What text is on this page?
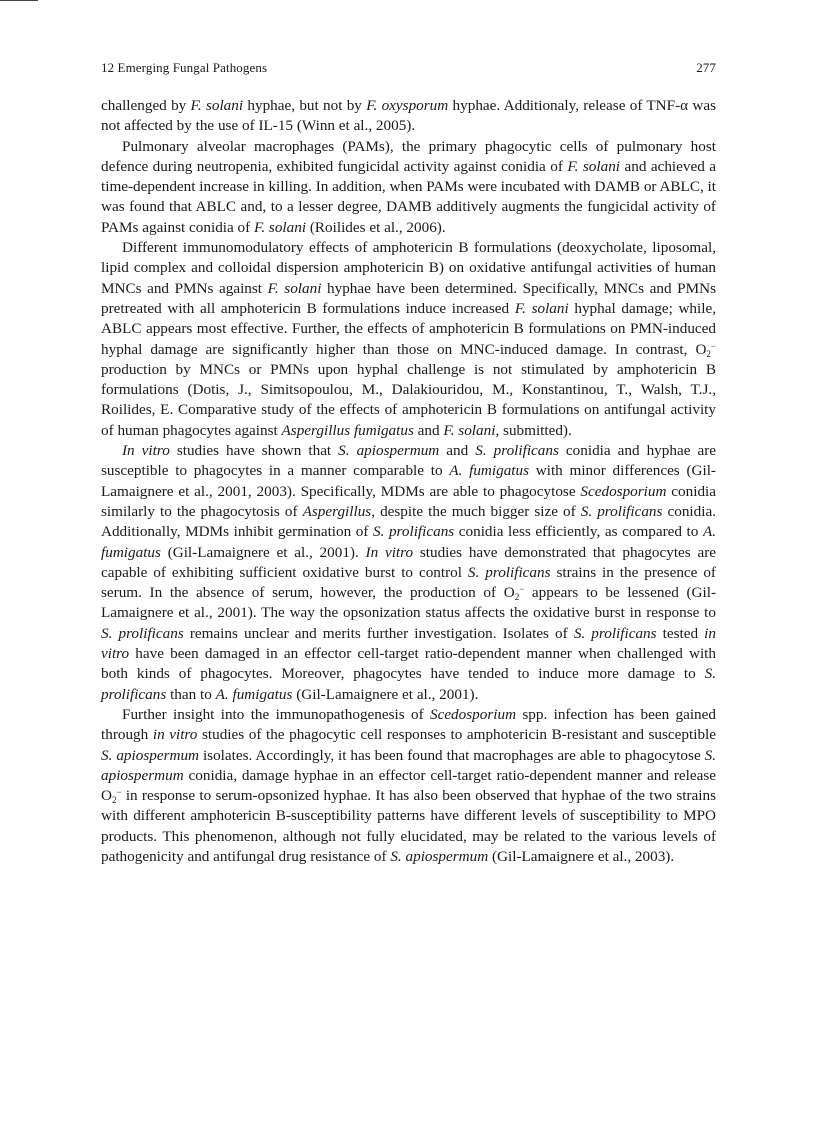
12 Emerging Fungal Pathogens	277

challenged by F. solani hyphae, but not by F. oxysporum hyphae. Additionaly, release of TNF-α was not affected by the use of IL-15 (Winn et al., 2005).

Pulmonary alveolar macrophages (PAMs), the primary phagocytic cells of pulmonary host defence during neutropenia, exhibited fungicidal activity against conidia of F. solani and achieved a time-dependent increase in killing. In addition, when PAMs were incubated with DAMB or ABLC, it was found that ABLC and, to a lesser degree, DAMB additively augments the fungicidal activity of PAMs against conidia of F. solani (Roilides et al., 2006).

Different immunomodulatory effects of amphotericin B formulations (deoxycholate, liposomal, lipid complex and colloidal dispersion amphotericin B) on oxidative antifungal activities of human MNCs and PMNs against F. solani hyphae have been determined. Specifically, MNCs and PMNs pretreated with all amphotericin B formulations induce increased F. solani hyphal damage; while, ABLC appears most effective. Further, the effects of amphotericin B formulations on PMN-induced hyphal damage are significantly higher than those on MNC-induced damage. In contrast, $O_2^-$ production by MNCs or PMNs upon hyphal challenge is not stimulated by amphotericin B formulations (Dotis, J., Simitsopoulou, M., Dalakiouridou, M., Konstantinou, T., Walsh, T.J., Roilides, E. Comparative study of the effects of amphotericin B formulations on antifungal activity of human phagocytes against Aspergillus fumigatus and F. solani, submitted).

In vitro studies have shown that S. apiospermum and S. prolificans conidia and hyphae are susceptible to phagocytes in a manner comparable to A. fumigatus with minor differences (Gil-Lamaignere et al., 2001, 2003). Specifically, MDMs are able to phagocytose Scedosporium conidia similarly to the phagocytosis of Aspergillus, despite the much bigger size of S. prolificans conidia. Additionally, MDMs inhibit germination of S. prolificans conidia less efficiently, as compared to A. fumigatus (Gil-Lamaignere et al., 2001). In vitro studies have demonstrated that phagocytes are capable of exhibiting sufficient oxidative burst to control S. prolificans strains in the presence of serum. In the absence of serum, however, the production of $O_2^-$ appears to be lessened (Gil-Lamaignere et al., 2001). The way the opsonization status affects the oxidative burst in response to S. prolificans remains unclear and merits further investigation. Isolates of S. prolificans tested in vitro have been damaged in an effector cell-target ratio-dependent manner when challenged with both kinds of phagocytes. Moreover, phagocytes have tended to induce more damage to S. prolificans than to A. fumigatus (Gil-Lamaignere et al., 2001).

Further insight into the immunopathogenesis of Scedosporium spp. infection has been gained through in vitro studies of the phagocytic cell responses to amphotericin B-resistant and susceptible S. apiospermum isolates. Accordingly, it has been found that macrophages are able to phagocytose S. apiospermum conidia, damage hyphae in an effector cell-target ratio-dependent manner and release $O_2^-$ in response to serum-opsonized hyphae. It has also been observed that hyphae of the two strains with different amphotericin B-susceptibility patterns have different levels of susceptibility to MPO products. This phenomenon, although not fully elucidated, may be related to the various levels of pathogenicity and antifungal drug resistance of S. apiospermum (Gil-Lamaignere et al., 2003).
